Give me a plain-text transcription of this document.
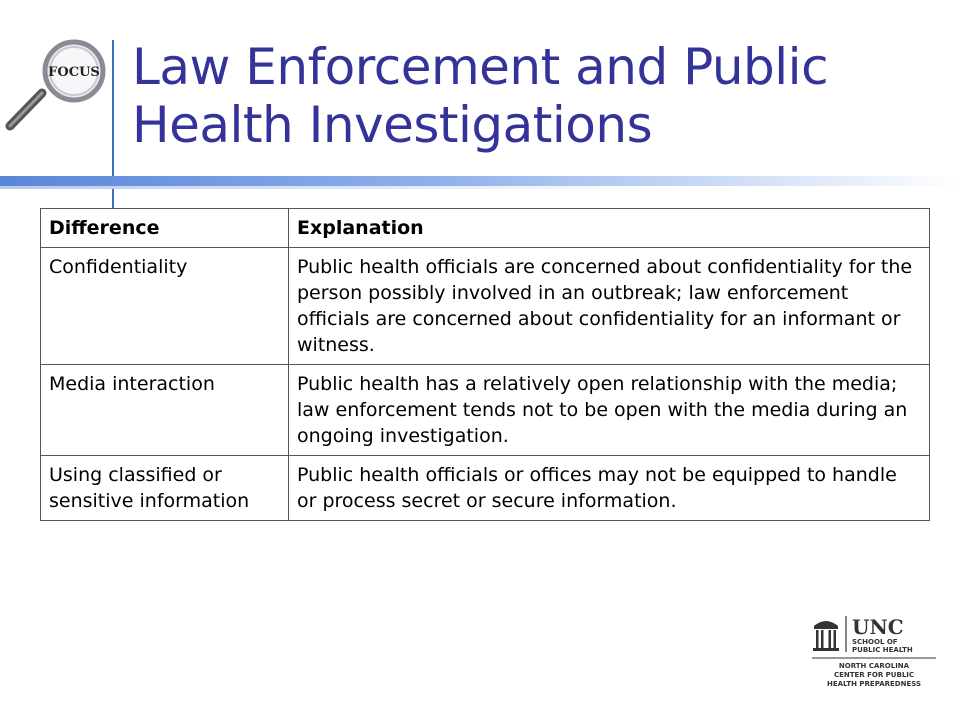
FOCUS Law Enforcement and Public Health Investigations
Difference	Explanation
Confidentiality	Public health officials are concerned about confidentiality for the person possibly involved in an outbreak; law enforcement officials are concerned about confidentiality for an informant or witness.
Media interaction	Public health has a relatively open relationship with the media; law enforcement tends not to be open with the media during an ongoing investigation.
Using classified or sensitive information	Public health officials or offices may not be equipped to handle or process secret or secure information.
UNC
SCHOOL OF
PUBLIC HEALTH
NORTH CAROLINA
CENTER FOR PUBLIC
HEALTH PREPAREDNESS
